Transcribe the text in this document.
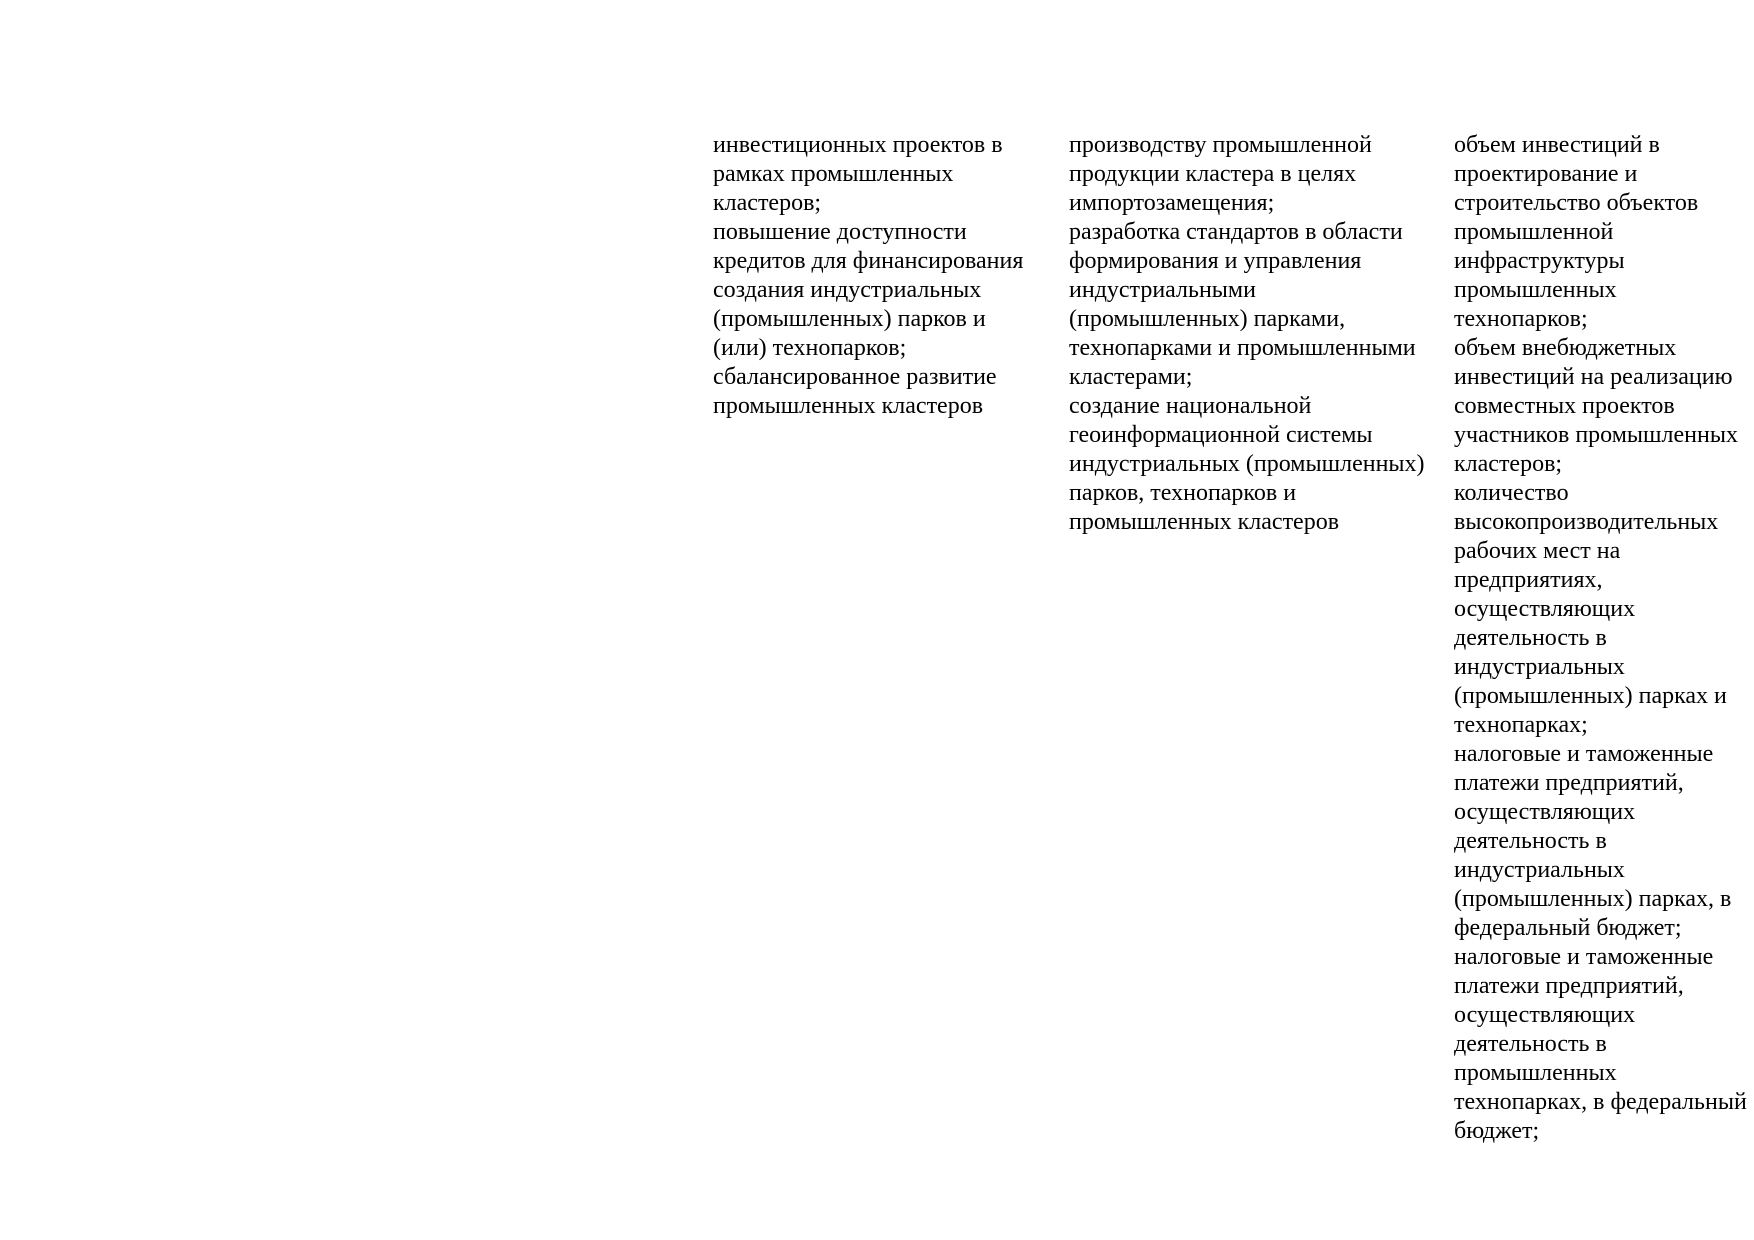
инвестиционных проектов в
рамках промышленных
кластеров;
повышение доступности
кредитов для финансирования
создания индустриальных
(промышленных) парков и
(или) технопарков;
сбалансированное развитие
промышленных кластеров
производству промышленной
продукции кластера в целях
импортозамещения;
разработка стандартов в области
формирования и управления
индустриальными
(промышленных) парками,
технопарками и промышленными
кластерами;
создание национальной
геоинформационной системы
индустриальных (промышленных)
парков, технопарков и
промышленных кластеров
объем инвестиций в
проектирование и
строительство объектов
промышленной
инфраструктуры
промышленных
технопарков;
объем внебюджетных
инвестиций на реализацию
совместных проектов
участников промышленных
кластеров;
количество
высокопроизводительных
рабочих мест на
предприятиях,
осуществляющих
деятельность в
индустриальных
(промышленных) парках и
технопарках;
налоговые и таможенные
платежи предприятий,
осуществляющих
деятельность в
индустриальных
(промышленных) парках, в
федеральный бюджет;
налоговые и таможенные
платежи предприятий,
осуществляющих
деятельность в
промышленных
технопарках, в федеральный
бюджет;
